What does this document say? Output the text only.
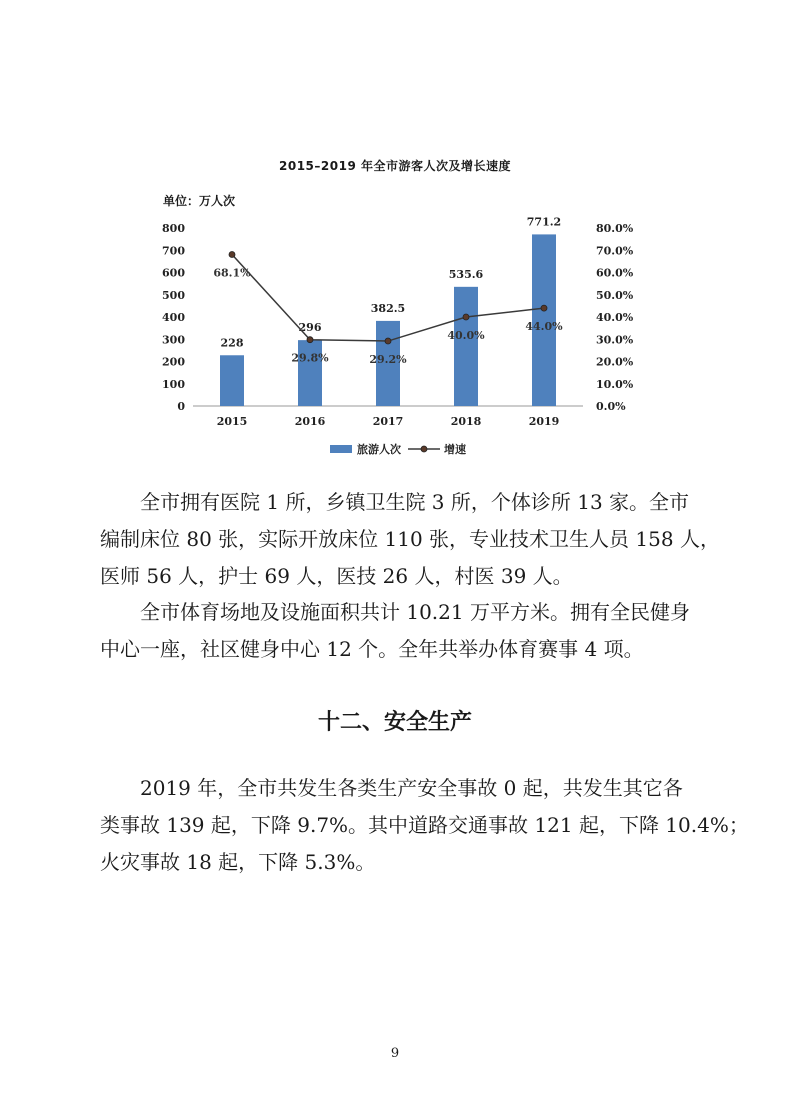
2015–2019 年全市游客人次及增长速度
单位：万人次
0
100
200
300
400
500
600
700
800
0.0%
10.0%
20.0%
30.0%
40.0%
50.0%
60.0%
70.0%
80.0%
2015	2016	2017	2018	2019
228
296
382.5
535.6
771.2
68.1%
29.8%	29.2%
40.0%
44.0%
旅游人次	增速
全市拥有医院 1 所，乡镇卫生院 3 所，个体诊所 13 家。全市
编制床位 80 张，实际开放床位 110 张，专业技术卫生人员 158 人，
医师 56 人，护士 69 人，医技 26 人，村医 39 人。
全市体育场地及设施面积共计 10.21 万平方米。拥有全民健身
中心一座，社区健身中心 12 个。全年共举办体育赛事 4 项。
十二、安全生产
2019 年，全市共发生各类生产安全事故 0 起，共发生其它各
类事故 139 起，下降 9.7%。其中道路交通事故 121 起，下降 10.4%；
火灾事故 18 起，下降 5.3%。
9
